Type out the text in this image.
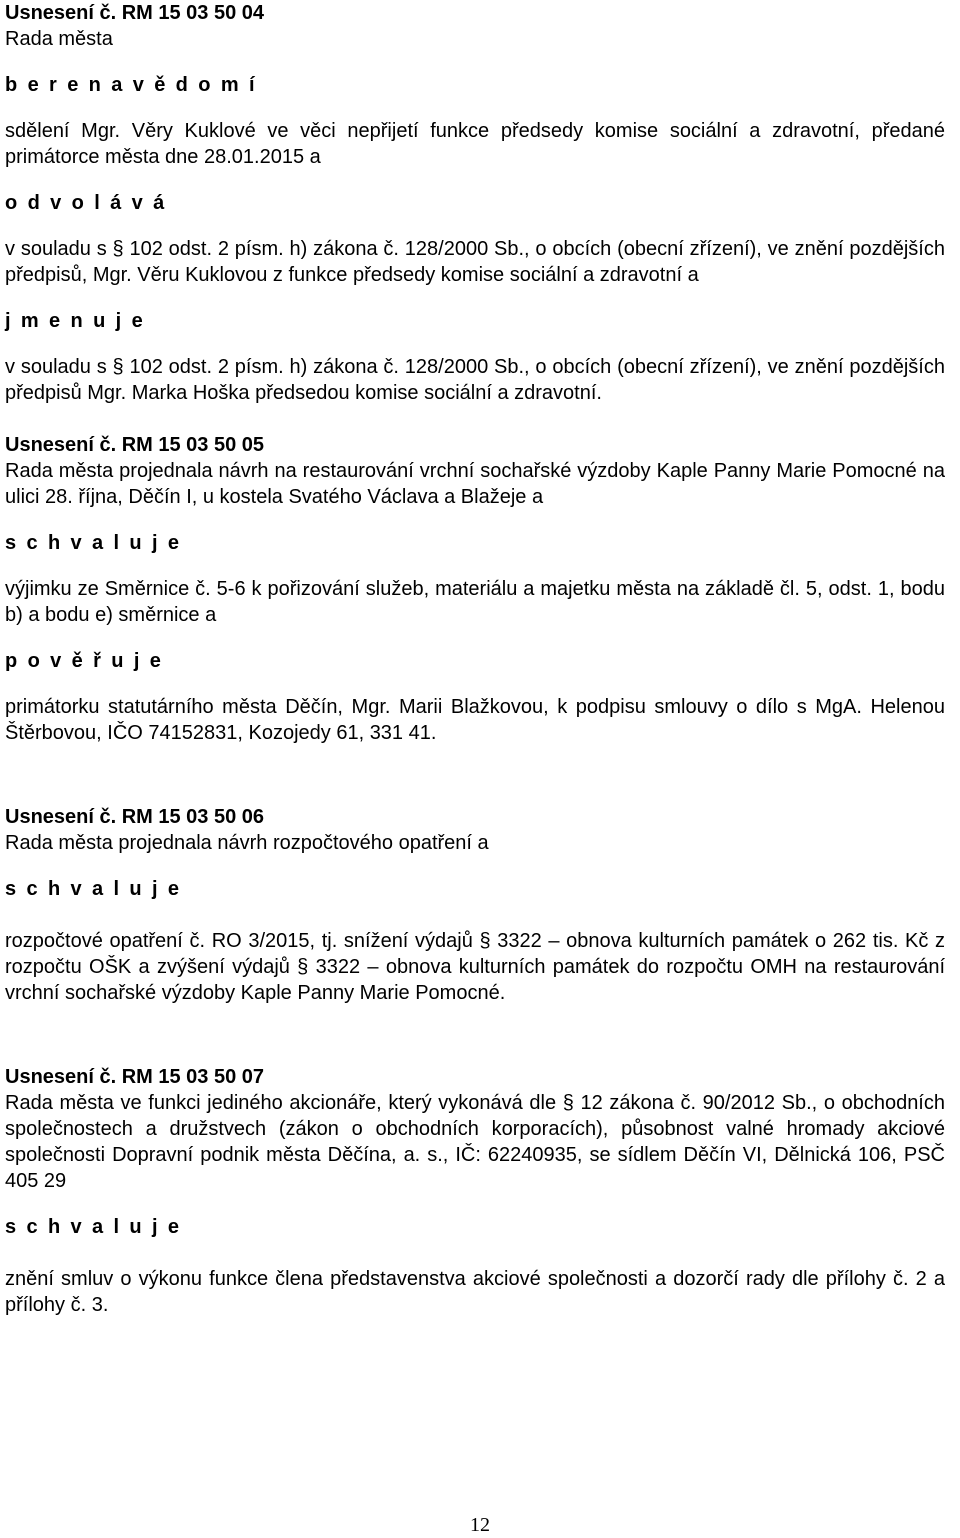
Usnesení č. RM 15 03 50 04

Rada města

b e r e n a v ě d o m í

sdělení Mgr. Věry Kuklové ve věci nepřijetí funkce předsedy komise sociální a zdravotní, předané primátorce města dne 28.01.2015 a

o d v o l á v á

v souladu s § 102 odst. 2 písm. h) zákona č. 128/2000 Sb., o obcích (obecní zřízení), ve znění pozdějších předpisů, Mgr. Věru Kuklovou z funkce předsedy komise sociální a zdravotní a

j m e n u j e

v souladu s § 102 odst. 2 písm. h) zákona č. 128/2000 Sb., o obcích (obecní zřízení), ve znění pozdějších předpisů Mgr. Marka Hoška předsedou komise sociální a zdravotní.

Usnesení č. RM 15 03 50 05

Rada města projednala návrh na restaurování vrchní sochařské výzdoby Kaple Panny Marie Pomocné na ulici 28. října, Děčín I, u kostela Svatého Václava a Blažeje a

s c h v a l u j e

výjimku ze Směrnice č. 5-6 k pořizování služeb, materiálu a majetku města na základě čl. 5, odst. 1, bodu b) a bodu e) směrnice a

p o v ě ř u j e

primátorku statutárního města Děčín, Mgr. Marii Blažkovou, k podpisu smlouvy o dílo s MgA. Helenou Štěrbovou, IČO 74152831, Kozojedy 61, 331 41.

Usnesení č. RM 15 03 50 06

Rada města projednala návrh rozpočtového opatření a

s c h v a l u j e

rozpočtové opatření č. RO 3/2015, tj. snížení výdajů § 3322 – obnova kulturních památek o 262 tis. Kč z rozpočtu OŠK a zvýšení výdajů § 3322 – obnova kulturních památek do rozpočtu OMH na restaurování vrchní sochařské výzdoby Kaple Panny Marie Pomocné.

Usnesení č. RM 15 03 50 07

Rada města ve funkci jediného akcionáře, který vykonává dle § 12 zákona č. 90/2012 Sb., o obchodních společnostech a družstvech (zákon o obchodních korporacích), působnost valné hromady akciové společnosti Dopravní podnik města Děčína, a. s., IČ: 62240935, se sídlem Děčín VI, Dělnická 106, PSČ 405 29

s c h v a l u j e

znění smluv o výkonu funkce člena představenstva akciové společnosti a dozorčí rady dle přílohy č. 2 a přílohy č. 3.

12
